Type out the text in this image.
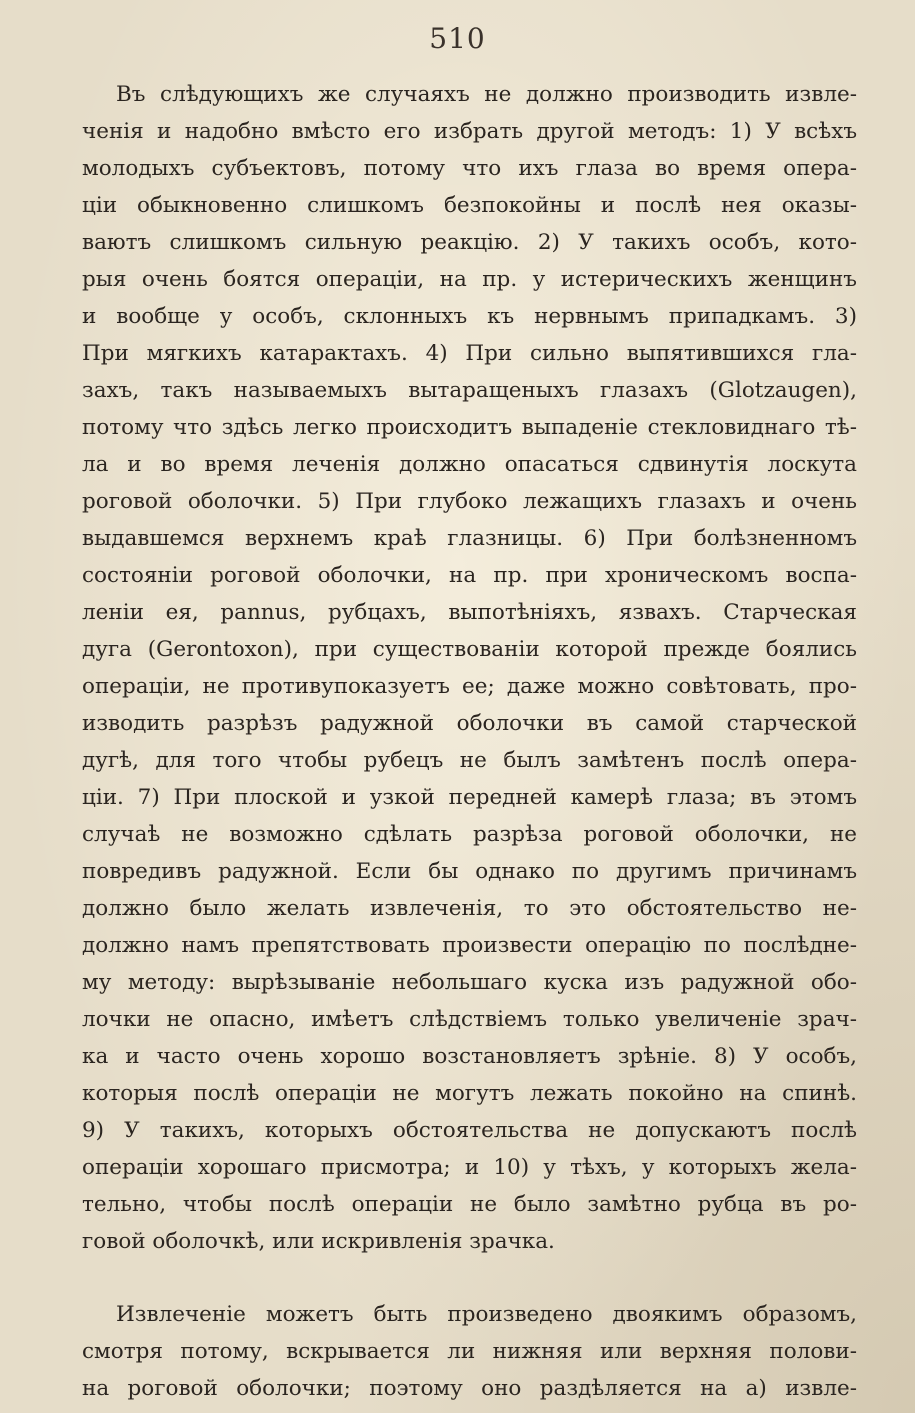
510
Въ слѣдующихъ же случаяхъ не должно производить извле-
ченія и надобно вмѣсто его избрать другой методъ: 1) У всѣхъ
молодыхъ субъектовъ, потому что ихъ глаза во время опера-
ціи обыкновенно слишкомъ безпокойны и послѣ нея оказы-
ваютъ слишкомъ сильную реакцію. 2) У такихъ особъ, кото-
рыя очень боятся операціи, на пр. у истерическихъ женщинъ
и вообще у особъ, склонныхъ къ нервнымъ припадкамъ. 3)
При мягкихъ катарактахъ. 4) При сильно выпятившихся гла-
захъ, такъ называемыхъ вытаращеныхъ глазахъ (Glotzaugen),
потому что здѣсь легко происходитъ выпаденіе стекловиднаго тѣ-
ла и во время леченія должно опасаться сдвинутія лоскута
роговой оболочки. 5) При глубоко лежащихъ глазахъ и очень
выдавшемся верхнемъ краѣ глазницы. 6) При болѣзненномъ
состояніи роговой оболочки, на пр. при хроническомъ воспа-
леніи ея, pannus, рубцахъ, выпотѣніяхъ, язвахъ. Старческая
дуга (Gerontoxon), при существованіи которой прежде боялись
операціи, не противупоказуетъ ее; даже можно совѣтовать, про-
изводить разрѣзъ радужной оболочки въ самой старческой
дугѣ, для того чтобы рубецъ не былъ замѣтенъ послѣ опера-
ціи. 7) При плоской и узкой передней камерѣ глаза; въ этомъ
случаѣ не возможно сдѣлать разрѣза роговой оболочки, не
повредивъ радужной. Если бы однако по другимъ причинамъ
должно было желать извлеченія, то это обстоятельство не-
должно намъ препятствовать произвести операцію по послѣдне-
му методу: вырѣзываніе небольшаго куска изъ радужной обо-
лочки не опасно, имѣетъ слѣдствіемъ только увеличеніе зрач-
ка и часто очень хорошо возстановляетъ зрѣніе. 8) У особъ,
которыя послѣ операціи не могутъ лежать покойно на спинѣ.
9) У такихъ, которыхъ обстоятельства не допускаютъ послѣ
операціи хорошаго присмотра; и 10) у тѣхъ, у которыхъ жела-
тельно, чтобы послѣ операціи не было замѣтно рубца въ ро-
говой оболочкѣ, или искривленія зрачка.
Извлеченіе можетъ быть произведено двоякимъ образомъ,
смотря потому, вскрывается ли нижняя или верхняя полови-
на роговой оболочки; поэтому оно раздѣляется на а) извле-
